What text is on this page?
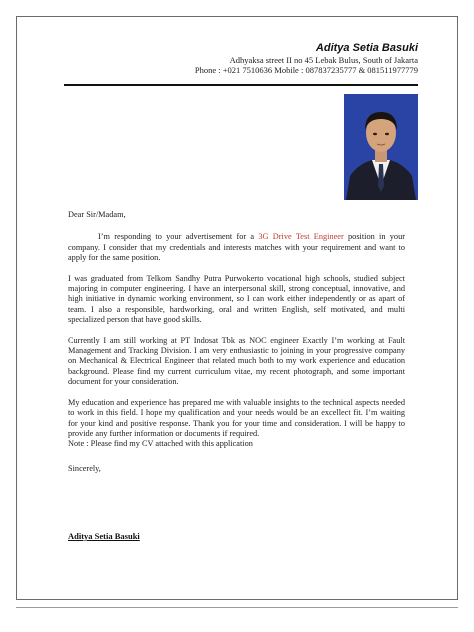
Aditya Setia Basuki
Adhyaksa street II no 45 Lebak Bulus, South of Jakarta
Phone : +021 7510636 Mobile : 087837235777 & 081511977779

Dear Sir/Madam,

I’m responding to your advertisement for a 3G Drive Test Engineer position in your company. I consider that my credentials and interests matches with your requirement and want to apply for the same position.

I was graduated from Telkom Sandhy Putra Purwokerto vocational high schools, studied subject majoring in computer engineering. I have an interpersonal skill, strong conceptual, innovative, and high initiative in dynamic working environment, so I can work either independently or as apart of team. I also a responsible, hardworking, oral and written English, self motivated, and multi specialized person that have good skills.

Currently I am still working at PT Indosat Tbk as NOC engineer Exactly I’m working at Fault Management and Tracking Division. I am very enthusiastic to joining in your progressive company on Mechanical & Electrical Engineer that related much both to my work experience and education background. Please find my current curriculum vitae, my recent photograph, and some important document for your consideration.

My education and experience has prepared me with valuable insights to the technical aspects needed to work in this field. I hope my qualification and your needs would be an excellect fit. I’m waiting for your kind and positive response. Thank you for your time and consideration. I will be happy to provide any further information or documents if required.

Note : Please find my CV attached with this application

Sincerely,

Aditya Setia Basuki
